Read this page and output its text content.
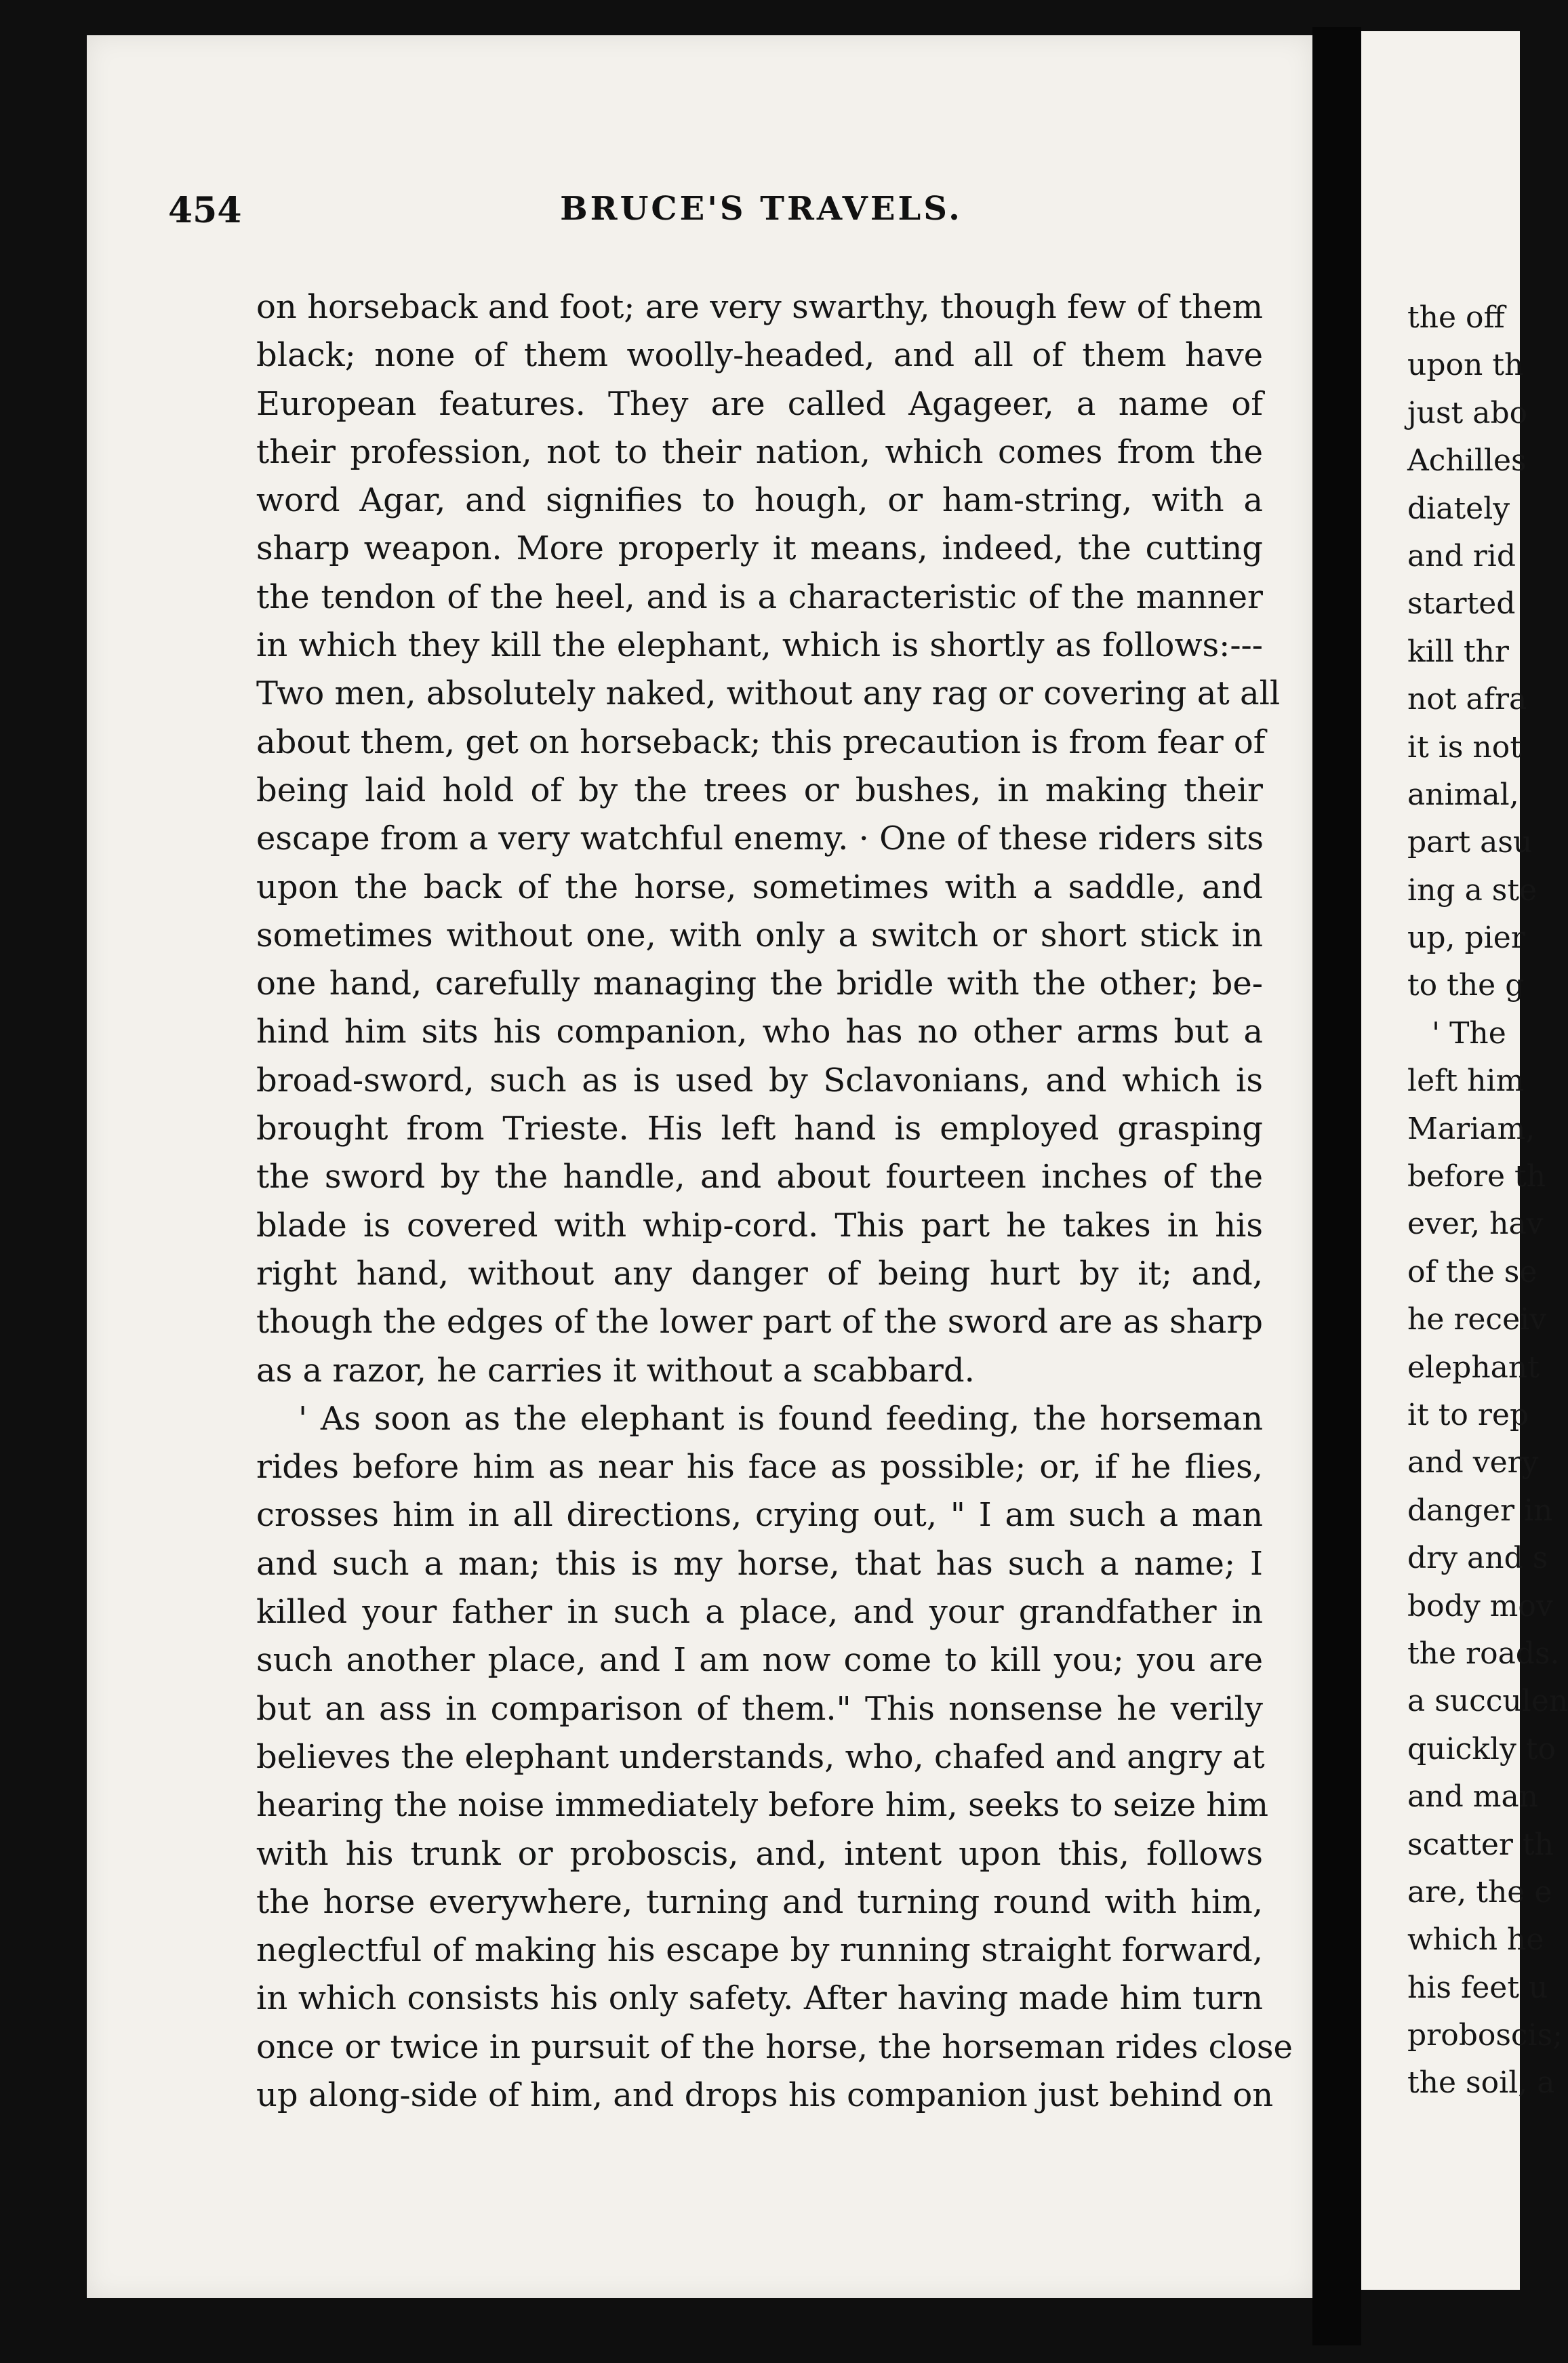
454	BRUCE'S TRAVELS.
on horseback and foot; are very swarthy, though few of them
black; none of them woolly-headed, and all of them have
European features. They are called Agageer, a name of
their profession, not to their nation, which comes from the
word Agar, and signifies to hough, or ham-string, with a
sharp weapon. More properly it means, indeed, the cutting
the tendon of the heel, and is a characteristic of the manner
in which they kill the elephant, which is shortly as follows:---
Two men, absolutely naked, without any rag or covering at all
about them, get on horseback; this precaution is from fear of
being laid hold of by the trees or bushes, in making their
escape from a very watchful enemy. · One of these riders sits
upon the back of the horse, sometimes with a saddle, and
sometimes without one, with only a switch or short stick in
one hand, carefully managing the bridle with the other; be-
hind him sits his companion, who has no other arms but a
broad-sword, such as is used by Sclavonians, and which is
brought from Trieste. His left hand is employed grasping
the sword by the handle, and about fourteen inches of the
blade is covered with whip-cord. This part he takes in his
right hand, without any danger of being hurt by it; and,
though the edges of the lower part of the sword are as sharp
as a razor, he carries it without a scabbard.
' As soon as the elephant is found feeding, the horseman
rides before him as near his face as possible; or, if he flies,
crosses him in all directions, crying out, " I am such a man
and such a man; this is my horse, that has such a name; I
killed your father in such a place, and your grandfather in
such another place, and I am now come to kill you; you are
but an ass in comparison of them." This nonsense he verily
believes the elephant understands, who, chafed and angry at
hearing the noise immediately before him, seeks to seize him
with his trunk or proboscis, and, intent upon this, follows
the horse everywhere, turning and turning round with him,
neglectful of making his escape by running straight forward,
in which consists his only safety. After having made him turn
once or twice in pursuit of the horse, the horseman rides close
up along-side of him, and drops his companion just behind on
the off
upon th
just abo
Achilles
diately
and rid
started
kill thr
not afra
it is not
animal,
part asu
ing a ste
up, pier
to the g
' The
left him
Mariam,
before th
ever, hav
of the se
he receiv
elephant
it to rep
and very
danger in
dry and s
body mov
the roads.
a succulen
quickly to
and man
scatter th
are, the e
which he
his feet u
proboscis;
the soil, a
